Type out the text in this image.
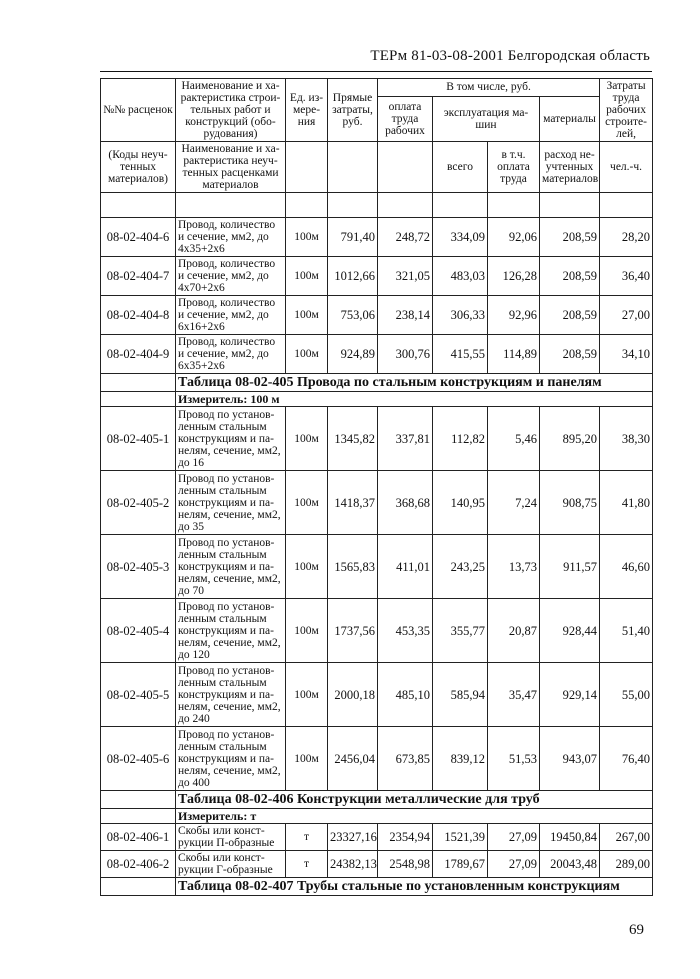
ТЕРм 81-03-08-2001 Белгородская область
№№ расценок	Наименование и ха-рактеристика строи-тельных работ и конструкций (обо-рудования)	Ед. из-мере-ния	Прямые затраты, руб.	В том числе, руб.				Затраты труда рабочих строите-лей,
				оплата труда рабочих	эксплуатация ма-шин		материалы	
(Коды неуч-тенных материалов)	Наименование и ха-рактеристика неуч-тенных расценками материалов				всего	в т.ч. оплата труда	расход не-учтенных материалов	чел.-ч.

08-02-404-6	Провод, количество и сечение, мм2, до 4х35+2х6	100м	791,40	248,72	334,09	92,06	208,59	28,20
08-02-404-7	Провод, количество и сечение, мм2, до 4х70+2х6	100м	1012,66	321,05	483,03	126,28	208,59	36,40
08-02-404-8	Провод, количество и сечение, мм2, до 6х16+2х6	100м	753,06	238,14	306,33	92,96	208,59	27,00
08-02-404-9	Провод, количество и сечение, мм2, до 6х35+2х6	100м	924,89	300,76	415,55	114,89	208,59	34,10
	Таблица 08-02-405 Провода по стальным конструкциям и панелям							
	Измеритель: 100 м							
08-02-405-1	Провод по установ-ленным стальным конструкциям и па-нелям, сечение, мм2, до 16	100м	1345,82	337,81	112,82	5,46	895,20	38,30
08-02-405-2	Провод по установ-ленным стальным конструкциям и па-нелям, сечение, мм2, до 35	100м	1418,37	368,68	140,95	7,24	908,75	41,80
08-02-405-3	Провод по установ-ленным стальным конструкциям и па-нелям, сечение, мм2, до 70	100м	1565,83	411,01	243,25	13,73	911,57	46,60
08-02-405-4	Провод по установ-ленным стальным конструкциям и па-нелям, сечение, мм2, до 120	100м	1737,56	453,35	355,77	20,87	928,44	51,40
08-02-405-5	Провод по установ-ленным стальным конструкциям и па-нелям, сечение, мм2, до 240	100м	2000,18	485,10	585,94	35,47	929,14	55,00
08-02-405-6	Провод по установ-ленным стальным конструкциям и па-нелям, сечение, мм2, до 400	100м	2456,04	673,85	839,12	51,53	943,07	76,40
	Таблица 08-02-406 Конструкции металлические для труб							
	Измеритель: т							
08-02-406-1	Скобы или конст-рукции П-образные	т	23327,16	2354,94	1521,39	27,09	19450,84	267,00
08-02-406-2	Скобы или конст-рукции Г-образные	т	24382,13	2548,98	1789,67	27,09	20043,48	289,00
	Таблица 08-02-407 Трубы стальные по установленным конструкциям							
69
